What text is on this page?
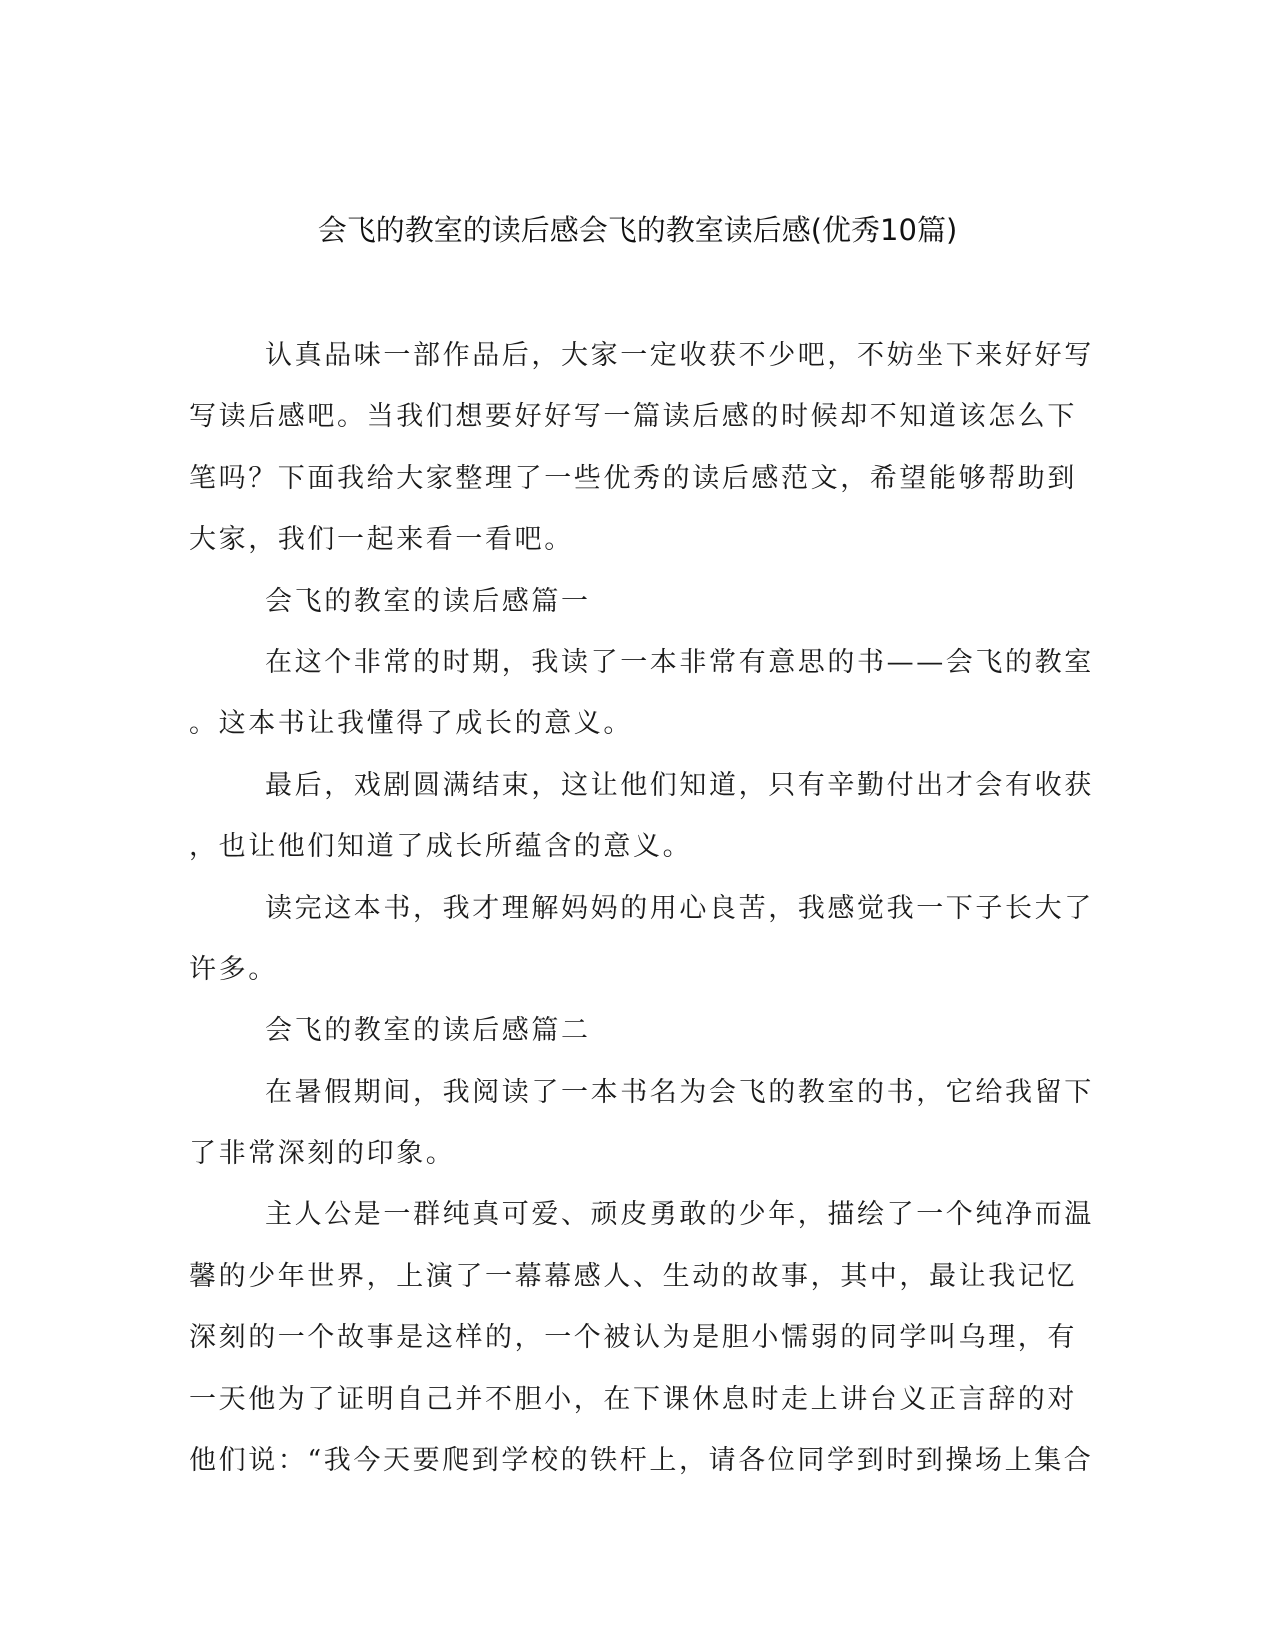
会飞的教室的读后感会飞的教室读后感(优秀10篇)
认真品味一部作品后，大家一定收获不少吧，不妨坐下来好好写
写读后感吧。当我们想要好好写一篇读后感的时候却不知道该怎么下
笔吗？下面我给大家整理了一些优秀的读后感范文，希望能够帮助到
大家，我们一起来看一看吧。
会飞的教室的读后感篇一
在这个非常的时期，我读了一本非常有意思的书——会飞的教室
。这本书让我懂得了成长的意义。
最后，戏剧圆满结束，这让他们知道，只有辛勤付出才会有收获
，也让他们知道了成长所蕴含的意义。
读完这本书，我才理解妈妈的用心良苦，我感觉我一下子长大了
许多。
会飞的教室的读后感篇二
在暑假期间，我阅读了一本书名为会飞的教室的书，它给我留下
了非常深刻的印象。
主人公是一群纯真可爱、顽皮勇敢的少年，描绘了一个纯净而温
馨的少年世界，上演了一幕幕感人、生动的故事，其中，最让我记忆
深刻的一个故事是这样的，一个被认为是胆小懦弱的同学叫乌理，有
一天他为了证明自己并不胆小，在下课休息时走上讲台义正言辞的对
他们说：“我今天要爬到学校的铁杆上，请各位同学到时到操场上集合
